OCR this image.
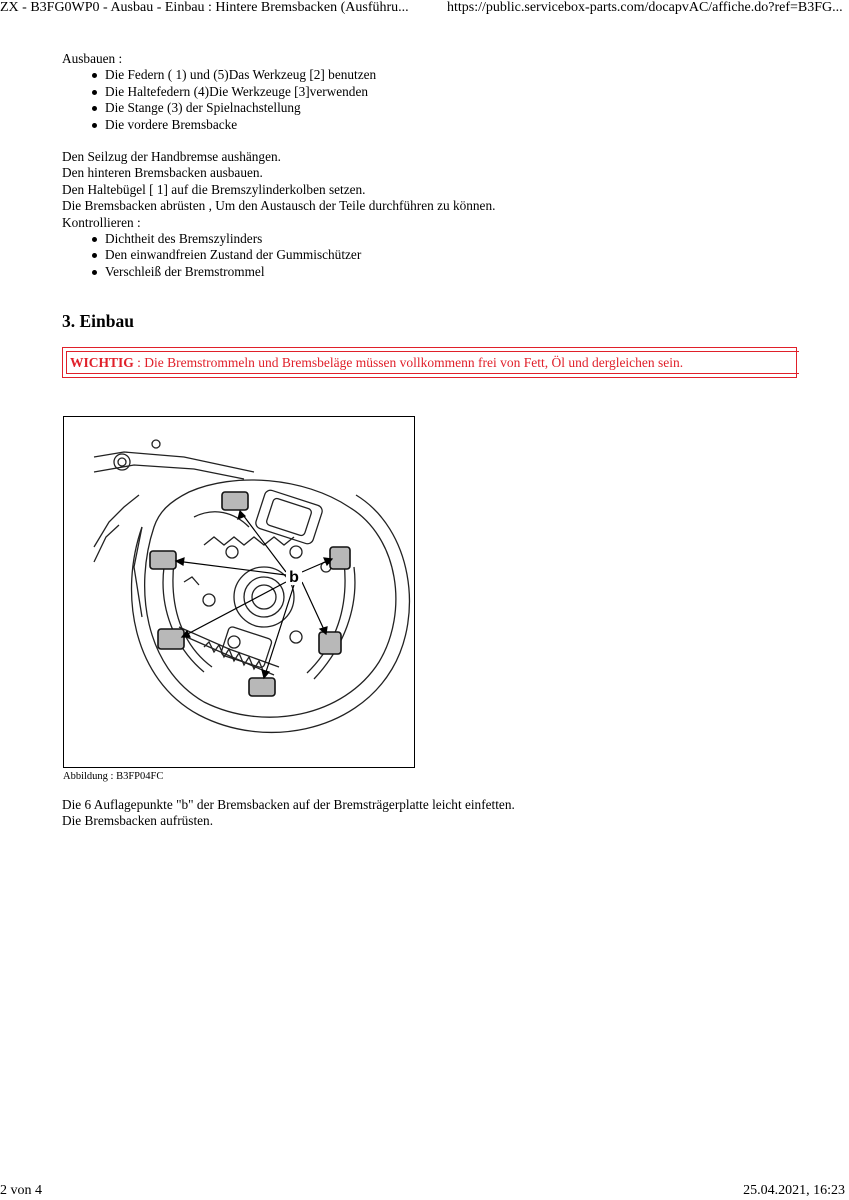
ZX - B3FG0WP0 - Ausbau - Einbau : Hintere Bremsbacken (Ausführu...	https://public.servicebox-parts.com/docapvAC/affiche.do?ref=B3FG...

Ausbauen :

Die Federn ( 1) und (5)Das Werkzeug [2] benutzen
Die Haltefedern (4)Die Werkzeuge [3]verwenden
Die Stange (3) der Spielnachstellung
Die vordere Bremsbacke

Den Seilzug der Handbremse aushängen.

Den hinteren Bremsbacken ausbauen.

Den Haltebügel [ 1] auf die Bremszylinderkolben setzen.

Die Bremsbacken abrüsten , Um den Austausch der Teile durchführen zu können.

Kontrollieren :

Dichtheit des Bremszylinders
Den einwandfreien Zustand der Gummischützer
Verschleiß der Bremstrommel
3. Einbau
WICHTIG : Die Bremstrommeln und Bremsbeläge müssen vollkommenn frei von Fett, Öl und dergleichen sein.
b
Abbildung : B3FP04FC

Die 6 Auflagepunkte "b" der Bremsbacken auf der Bremsträgerplatte leicht einfetten.

Die Bremsbacken aufrüsten.

2 von 4	25.04.2021, 16:23
